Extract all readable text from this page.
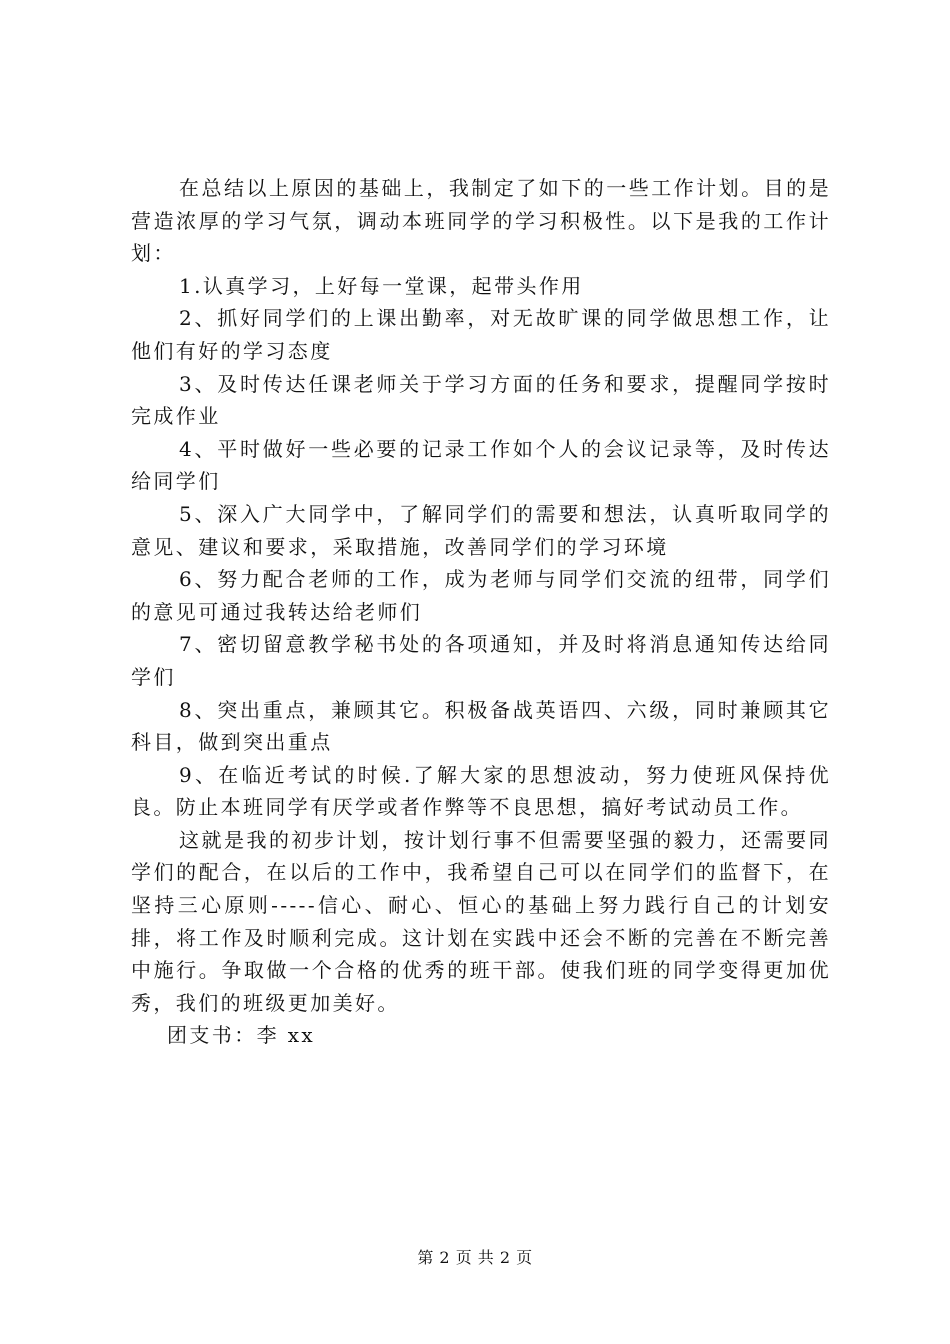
在总结以上原因的基础上，我制定了如下的一些工作计划。目的是营造浓厚的学习气氛，调动本班同学的学习积极性。以下是我的工作计划：

1.认真学习，上好每一堂课，起带头作用

2、抓好同学们的上课出勤率，对无故旷课的同学做思想工作，让他们有好的学习态度

3、及时传达任课老师关于学习方面的任务和要求，提醒同学按时完成作业

4、平时做好一些必要的记录工作如个人的会议记录等，及时传达给同学们

5、深入广大同学中，了解同学们的需要和想法，认真听取同学的意见、建议和要求，采取措施，改善同学们的学习环境

6、努力配合老师的工作，成为老师与同学们交流的纽带，同学们的意见可通过我转达给老师们

7、密切留意教学秘书处的各项通知，并及时将消息通知传达给同学们

8、突出重点，兼顾其它。积极备战英语四、六级，同时兼顾其它科目，做到突出重点

9、在临近考试的时候.了解大家的思想波动，努力使班风保持优良。防止本班同学有厌学或者作弊等不良思想，搞好考试动员工作。

这就是我的初步计划，按计划行事不但需要坚强的毅力，还需要同学们的配合，在以后的工作中，我希望自己可以在同学们的监督下，在坚持三心原则-----信心、耐心、恒心的基础上努力践行自己的计划安排，将工作及时顺利完成。这计划在实践中还会不断的完善在不断完善中施行。争取做一个合格的优秀的班干部。使我们班的同学变得更加优秀，我们的班级更加美好。

团支书：李 xx

第 2 页 共 2 页
